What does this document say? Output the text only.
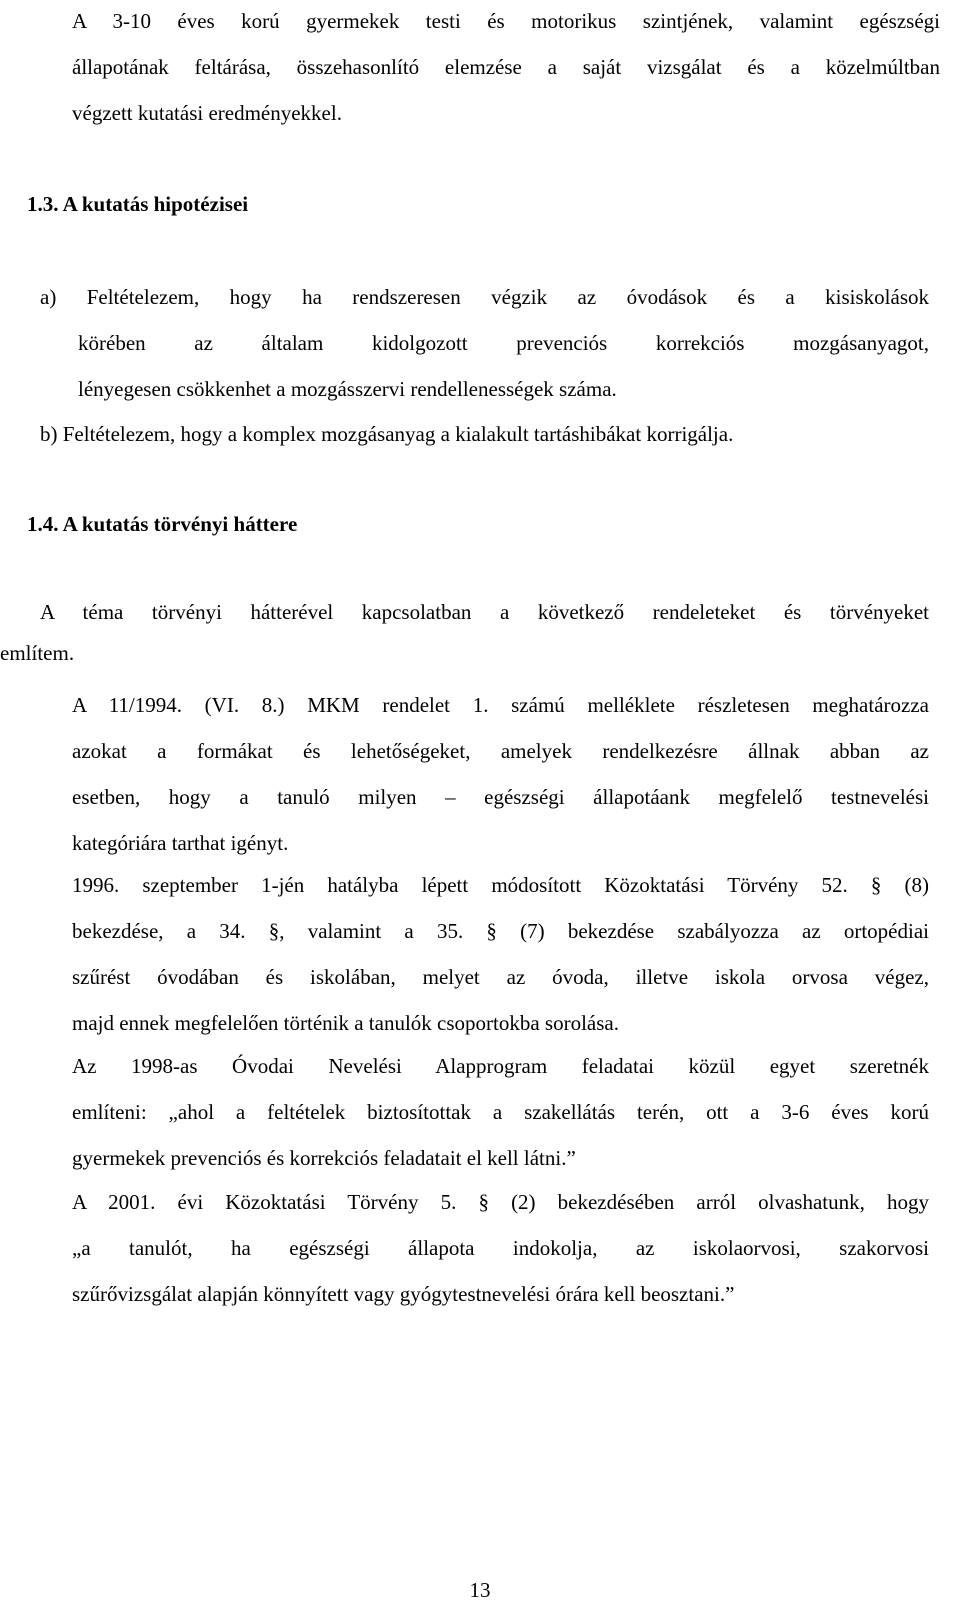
A 3-10 éves korú gyermekek testi és motorikus szintjének, valamint egészségi
állapotának feltárása, összehasonlító elemzése a saját vizsgálat és a közelmúltban
végzett kutatási eredményekkel.
1.3. A kutatás hipotézisei
a) Feltételezem, hogy ha rendszeresen végzik az óvodások és a kisiskolások
körében az általam kidolgozott prevenciós korrekciós mozgásanyagot,
lényegesen csökkenhet a mozgásszervi rendellenességek száma.
b) Feltételezem, hogy a komplex mozgásanyag a kialakult tartáshibákat korrigálja.
1.4. A kutatás törvényi háttere
A téma törvényi hátterével kapcsolatban a következő rendeleteket és törvényeket
említem.
A 11/1994. (VI. 8.) MKM rendelet 1. számú melléklete részletesen meghatározza
azokat a formákat és lehetőségeket, amelyek rendelkezésre állnak abban az
esetben, hogy a tanuló milyen – egészségi állapotáank megfelelő testnevelési
kategóriára tarthat igényt.
1996. szeptember 1-jén hatályba lépett módosított Közoktatási Törvény 52. § (8)
bekezdése, a 34. §, valamint a 35. § (7) bekezdése szabályozza az ortopédiai
szűrést óvodában és iskolában, melyet az óvoda, illetve iskola orvosa végez,
majd ennek megfelelően történik a tanulók csoportokba sorolása.
Az 1998-as Óvodai Nevelési Alapprogram feladatai közül egyet szeretnék
említeni: „ahol a feltételek biztosítottak a szakellátás terén, ott a 3-6 éves korú
gyermekek prevenciós és korrekciós feladatait el kell látni.”
A 2001. évi Közoktatási Törvény 5. § (2) bekezdésében arról olvashatunk, hogy
„a tanulót, ha egészségi állapota indokolja, az iskolaorvosi, szakorvosi
szűrővizsgálat alapján könnyített vagy gyógytestnevelési órára kell beosztani.”
13
